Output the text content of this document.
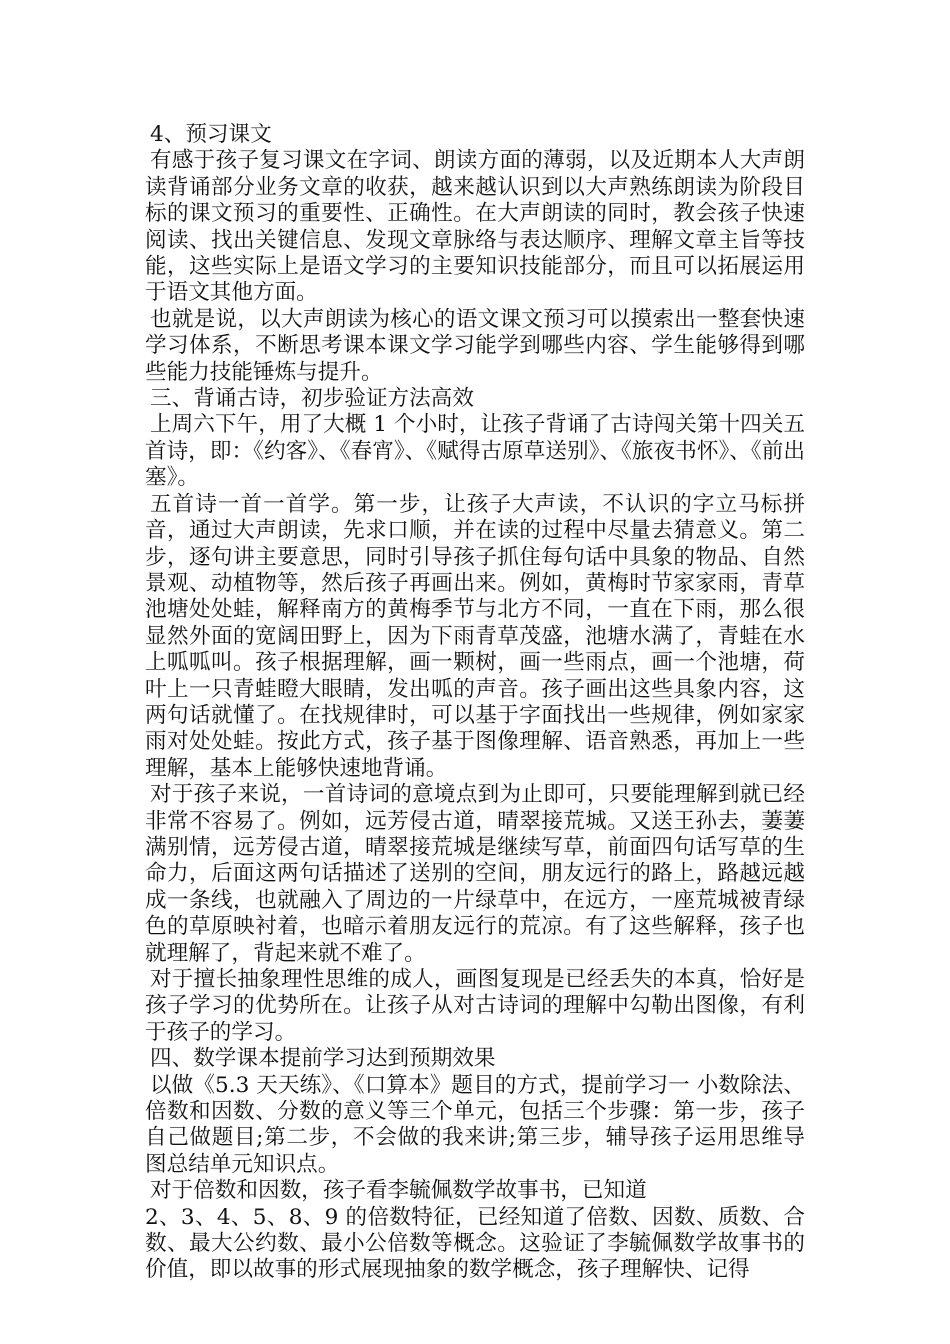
4、预习课文

有感于孩子复习课文在字词、朗读方面的薄弱，以及近期本人大声朗读背诵部分业务文章的收获，越来越认识到以大声熟练朗读为阶段目标的课文预习的重要性、正确性。在大声朗读的同时，教会孩子快速阅读、找出关键信息、发现文章脉络与表达顺序、理解文章主旨等技能，这些实际上是语文学习的主要知识技能部分，而且可以拓展运用于语文其他方面。

也就是说，以大声朗读为核心的语文课文预习可以摸索出一整套快速学习体系，不断思考课本课文学习能学到哪些内容、学生能够得到哪些能力技能锤炼与提升。

三、背诵古诗，初步验证方法高效

上周六下午，用了大概 1 个小时，让孩子背诵了古诗闯关第十四关五首诗，即：《约客》、《春宵》、《赋得古原草送别》、《旅夜书怀》、《前出塞》。

五首诗一首一首学。第一步，让孩子大声读，不认识的字立马标拼音，通过大声朗读，先求口顺，并在读的过程中尽量去猜意义。第二步，逐句讲主要意思，同时引导孩子抓住每句话中具象的物品、自然景观、动植物等，然后孩子再画出来。例如，黄梅时节家家雨，青草池塘处处蛙，解释南方的黄梅季节与北方不同，一直在下雨，那么很显然外面的宽阔田野上，因为下雨青草茂盛，池塘水满了，青蛙在水上呱呱叫。孩子根据理解，画一颗树，画一些雨点，画一个池塘，荷叶上一只青蛙瞪大眼睛，发出呱的声音。孩子画出这些具象内容，这两句话就懂了。在找规律时，可以基于字面找出一些规律，例如家家雨对处处蛙。按此方式，孩子基于图像理解、语音熟悉，再加上一些理解，基本上能够快速地背诵。

对于孩子来说，一首诗词的意境点到为止即可，只要能理解到就已经非常不容易了。例如，远芳侵古道，晴翠接荒城。又送王孙去，萋萋满别情，远芳侵古道，晴翠接荒城是继续写草，前面四句话写草的生命力，后面这两句话描述了送别的空间，朋友远行的路上，路越远越成一条线，也就融入了周边的一片绿草中，在远方，一座荒城被青绿色的草原映衬着，也暗示着朋友远行的荒凉。有了这些解释，孩子也就理解了，背起来就不难了。

对于擅长抽象理性思维的成人，画图复现是已经丢失的本真，恰好是孩子学习的优势所在。让孩子从对古诗词的理解中勾勒出图像，有利于孩子的学习。

四、数学课本提前学习达到预期效果

以做《5.3 天天练》、《口算本》题目的方式，提前学习一 小数除法、倍数和因数、分数的意义等三个单元，包括三个步骤：第一步，孩子自己做题目;第二步，不会做的我来讲;第三步，辅导孩子运用思维导图总结单元知识点。

对于倍数和因数，孩子看李毓佩数学故事书，已知道

2、3、4、5、8、9 的倍数特征，已经知道了倍数、因数、质数、合数、最大公约数、最小公倍数等概念。这验证了李毓佩数学故事书的价值，即以故事的形式展现抽象的数学概念，孩子理解快、记得
